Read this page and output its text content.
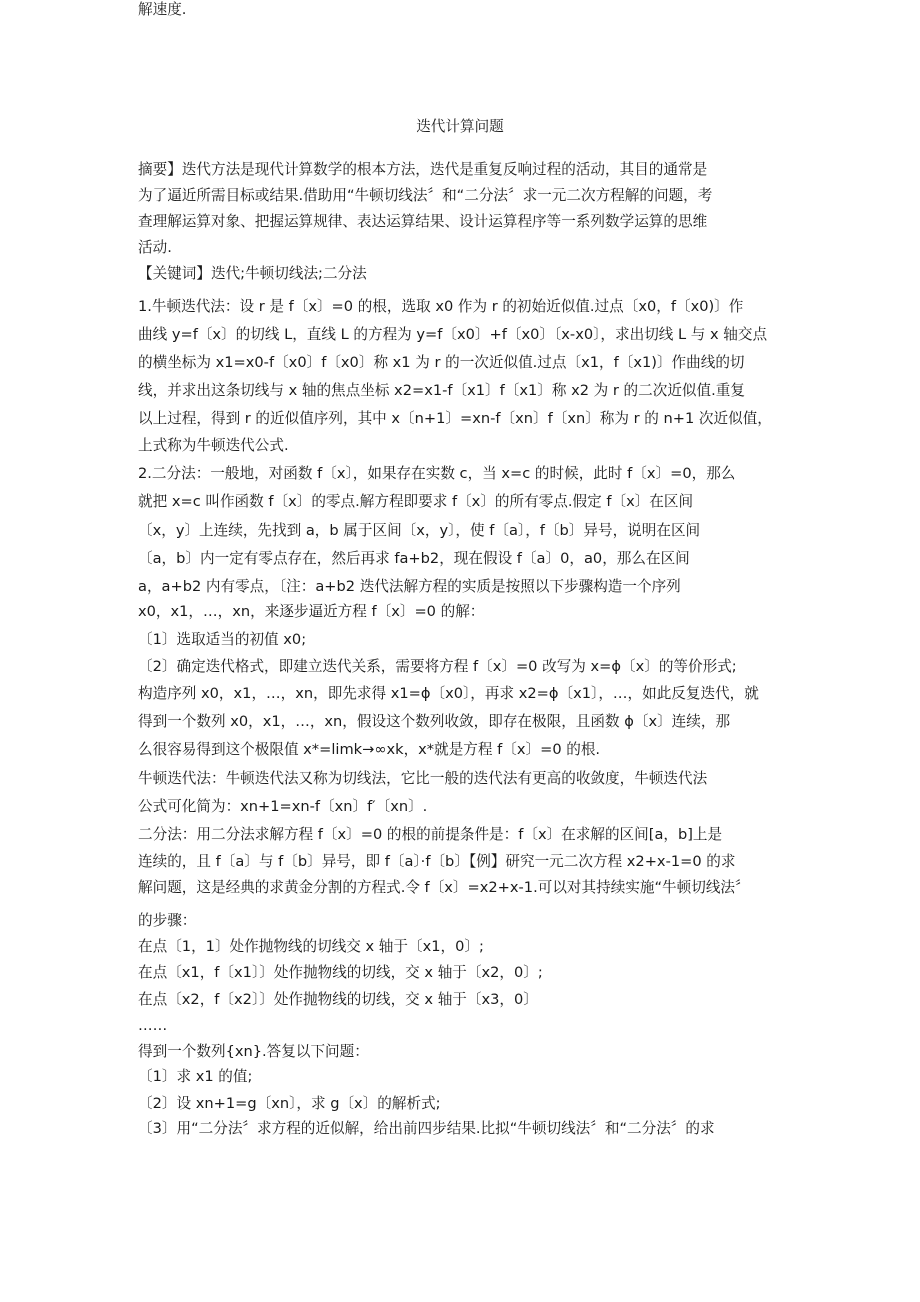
迭代计算问题
摘要】迭代方法是现代计算数学的根本方法，迭代是重复反响过程的活动，其目的通常是
为了逼近所需目标或结果.借助用“牛顿切线法〞和“二分法〞求一元二次方程解的问题，考
查理解运算对象、把握运算规律、表达运算结果、设计运算程序等一系列数学运算的思维
活动.
【关键词】迭代;牛顿切线法;二分法
1.牛顿迭代法：设 r 是 f〔x〕=0 的根，选取 x0 作为 r 的初始近似值.过点〔x0，f〔x0)〕作
曲线 y=f〔x〕的切线 L，直线 L 的方程为 y=f〔x0〕+f〔x0〕〔x-x0〕，求出切线 L 与 x 轴交点
的横坐标为 x1=x0-f〔x0〕f〔x0〕称 x1 为 r 的一次近似值.过点〔x1，f〔x1)〕作曲线的切
线，并求出这条切线与 x 轴的焦点坐标 x2=x1-f〔x1〕f〔x1〕称 x2 为 r 的二次近似值.重复
以上过程，得到 r 的近似值序列，其中 x〔n+1〕=xn-f〔xn〕f〔xn〕称为 r 的 n+1 次近似值，
上式称为牛顿迭代公式.
2.二分法：一般地，对函数 f〔x〕，如果存在实数 c，当 x=c 的时候，此时 f〔x〕=0，那么
就把 x=c 叫作函数 f〔x〕的零点.解方程即要求 f〔x〕的所有零点.假定 f〔x〕在区间
〔x，y〕上连续，先找到 a，b 属于区间〔x，y〕，使 f〔a〕，f〔b〕异号，说明在区间
〔a，b〕内一定有零点存在，然后再求 fa+b2，现在假设 f〔a〕0，a0，那么在区间
a，a+b2 内有零点，〔注：a+b2 迭代法解方程的实质是按照以下步骤构造一个序列
x0，x1，…，xn，来逐步逼近方程 f〔x〕=0 的解：
〔1〕选取适当的初值 x0;
〔2〕确定迭代格式，即建立迭代关系，需要将方程 f〔x〕=0 改写为 x=ϕ〔x〕的等价形式;
构造序列 x0，x1，…，xn，即先求得 x1=ϕ〔x0〕，再求 x2=ϕ〔x1〕，…，如此反复迭代，就
得到一个数列 x0，x1，…，xn，假设这个数列收敛，即存在极限，且函数 ϕ〔x〕连续，那
么很容易得到这个极限值 x*=limk→∞xk，x*就是方程 f〔x〕=0 的根.
牛顿迭代法：牛顿迭代法又称为切线法，它比一般的迭代法有更高的收敛度，牛顿迭代法
公式可化简为：xn+1=xn-f〔xn〕f′〔xn〕.
二分法：用二分法求解方程 f〔x〕=0 的根的前提条件是：f〔x〕在求解的区间[a，b]上是
连续的，且 f〔a〕与 f〔b〕异号，即 f〔a〕·f〔b〕【例】研究一元二次方程 x2+x-1=0 的求
解问题，这是经典的求黄金分割的方程式.令 f〔x〕=x2+x-1.可以对其持续实施“牛顿切线法〞
的步骤：
在点〔1，1〕处作抛物线的切线交 x 轴于〔x1，0〕;
在点〔x1，f〔x1〕〕处作抛物线的切线，交 x 轴于〔x2，0〕;
在点〔x2，f〔x2〕〕处作抛物线的切线，交 x 轴于〔x3，0〕
……
得到一个数列{xn}.答复以下问题：
〔1〕求 x1 的值;
〔2〕设 xn+1=g〔xn〕，求 g〔x〕的解析式;
〔3〕用“二分法〞求方程的近似解，给出前四步结果.比拟“牛顿切线法〞和“二分法〞的求
解速度.
